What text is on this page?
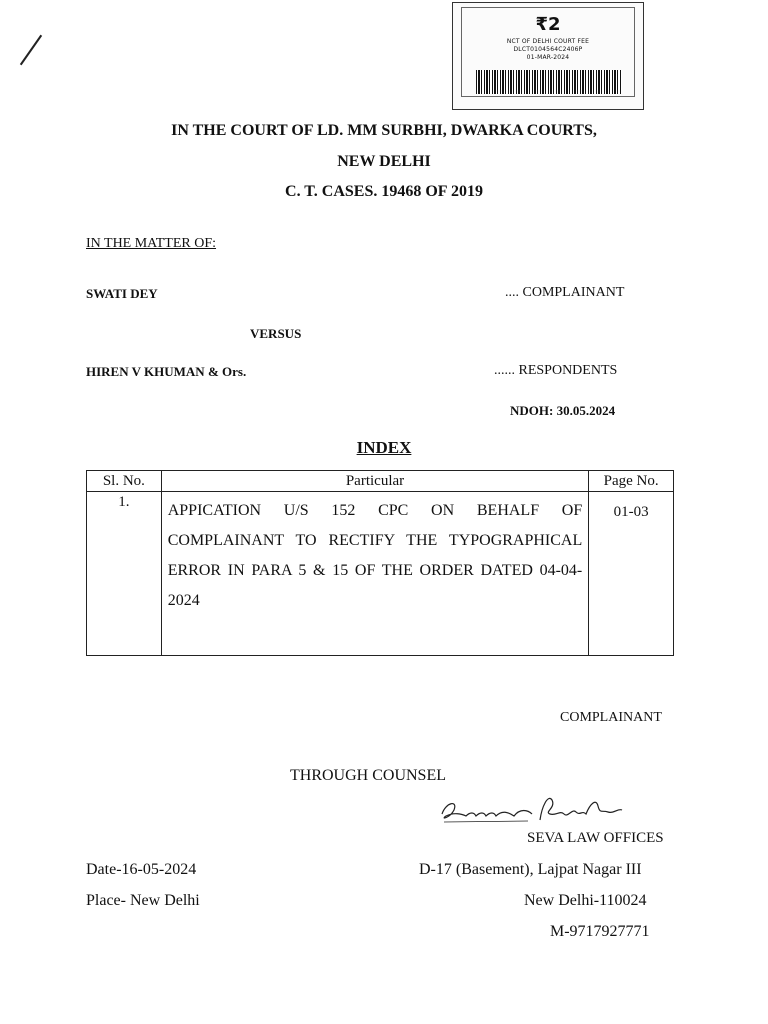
₹2
NCT OF DELHI COURT FEE
DLCT0104564C2406P
01-MAR-2024
IN THE COURT OF LD. MM SURBHI, DWARKA COURTS,
NEW DELHI
C. T. CASES. 19468 OF 2019
IN THE MATTER OF:
SWATI DEY	.... COMPLAINANT
VERSUS
HIREN V KHUMAN & Ors.	...... RESPONDENTS
NDOH: 30.05.2024
INDEX
Sl. No.	Particular	Page No.
1.	APPICATION U/S 152 CPC ON BEHALF OF COMPLAINANT TO RECTIFY THE TYPOGRAPHICAL ERROR IN PARA 5 & 15 OF THE ORDER DATED 04-04-2024	01-03
COMPLAINANT
THROUGH COUNSEL
SEVA LAW OFFICES
Date-16-05-2024	D-17 (Basement), Lajpat Nagar III
Place- New Delhi	New Delhi-110024
M-9717927771
